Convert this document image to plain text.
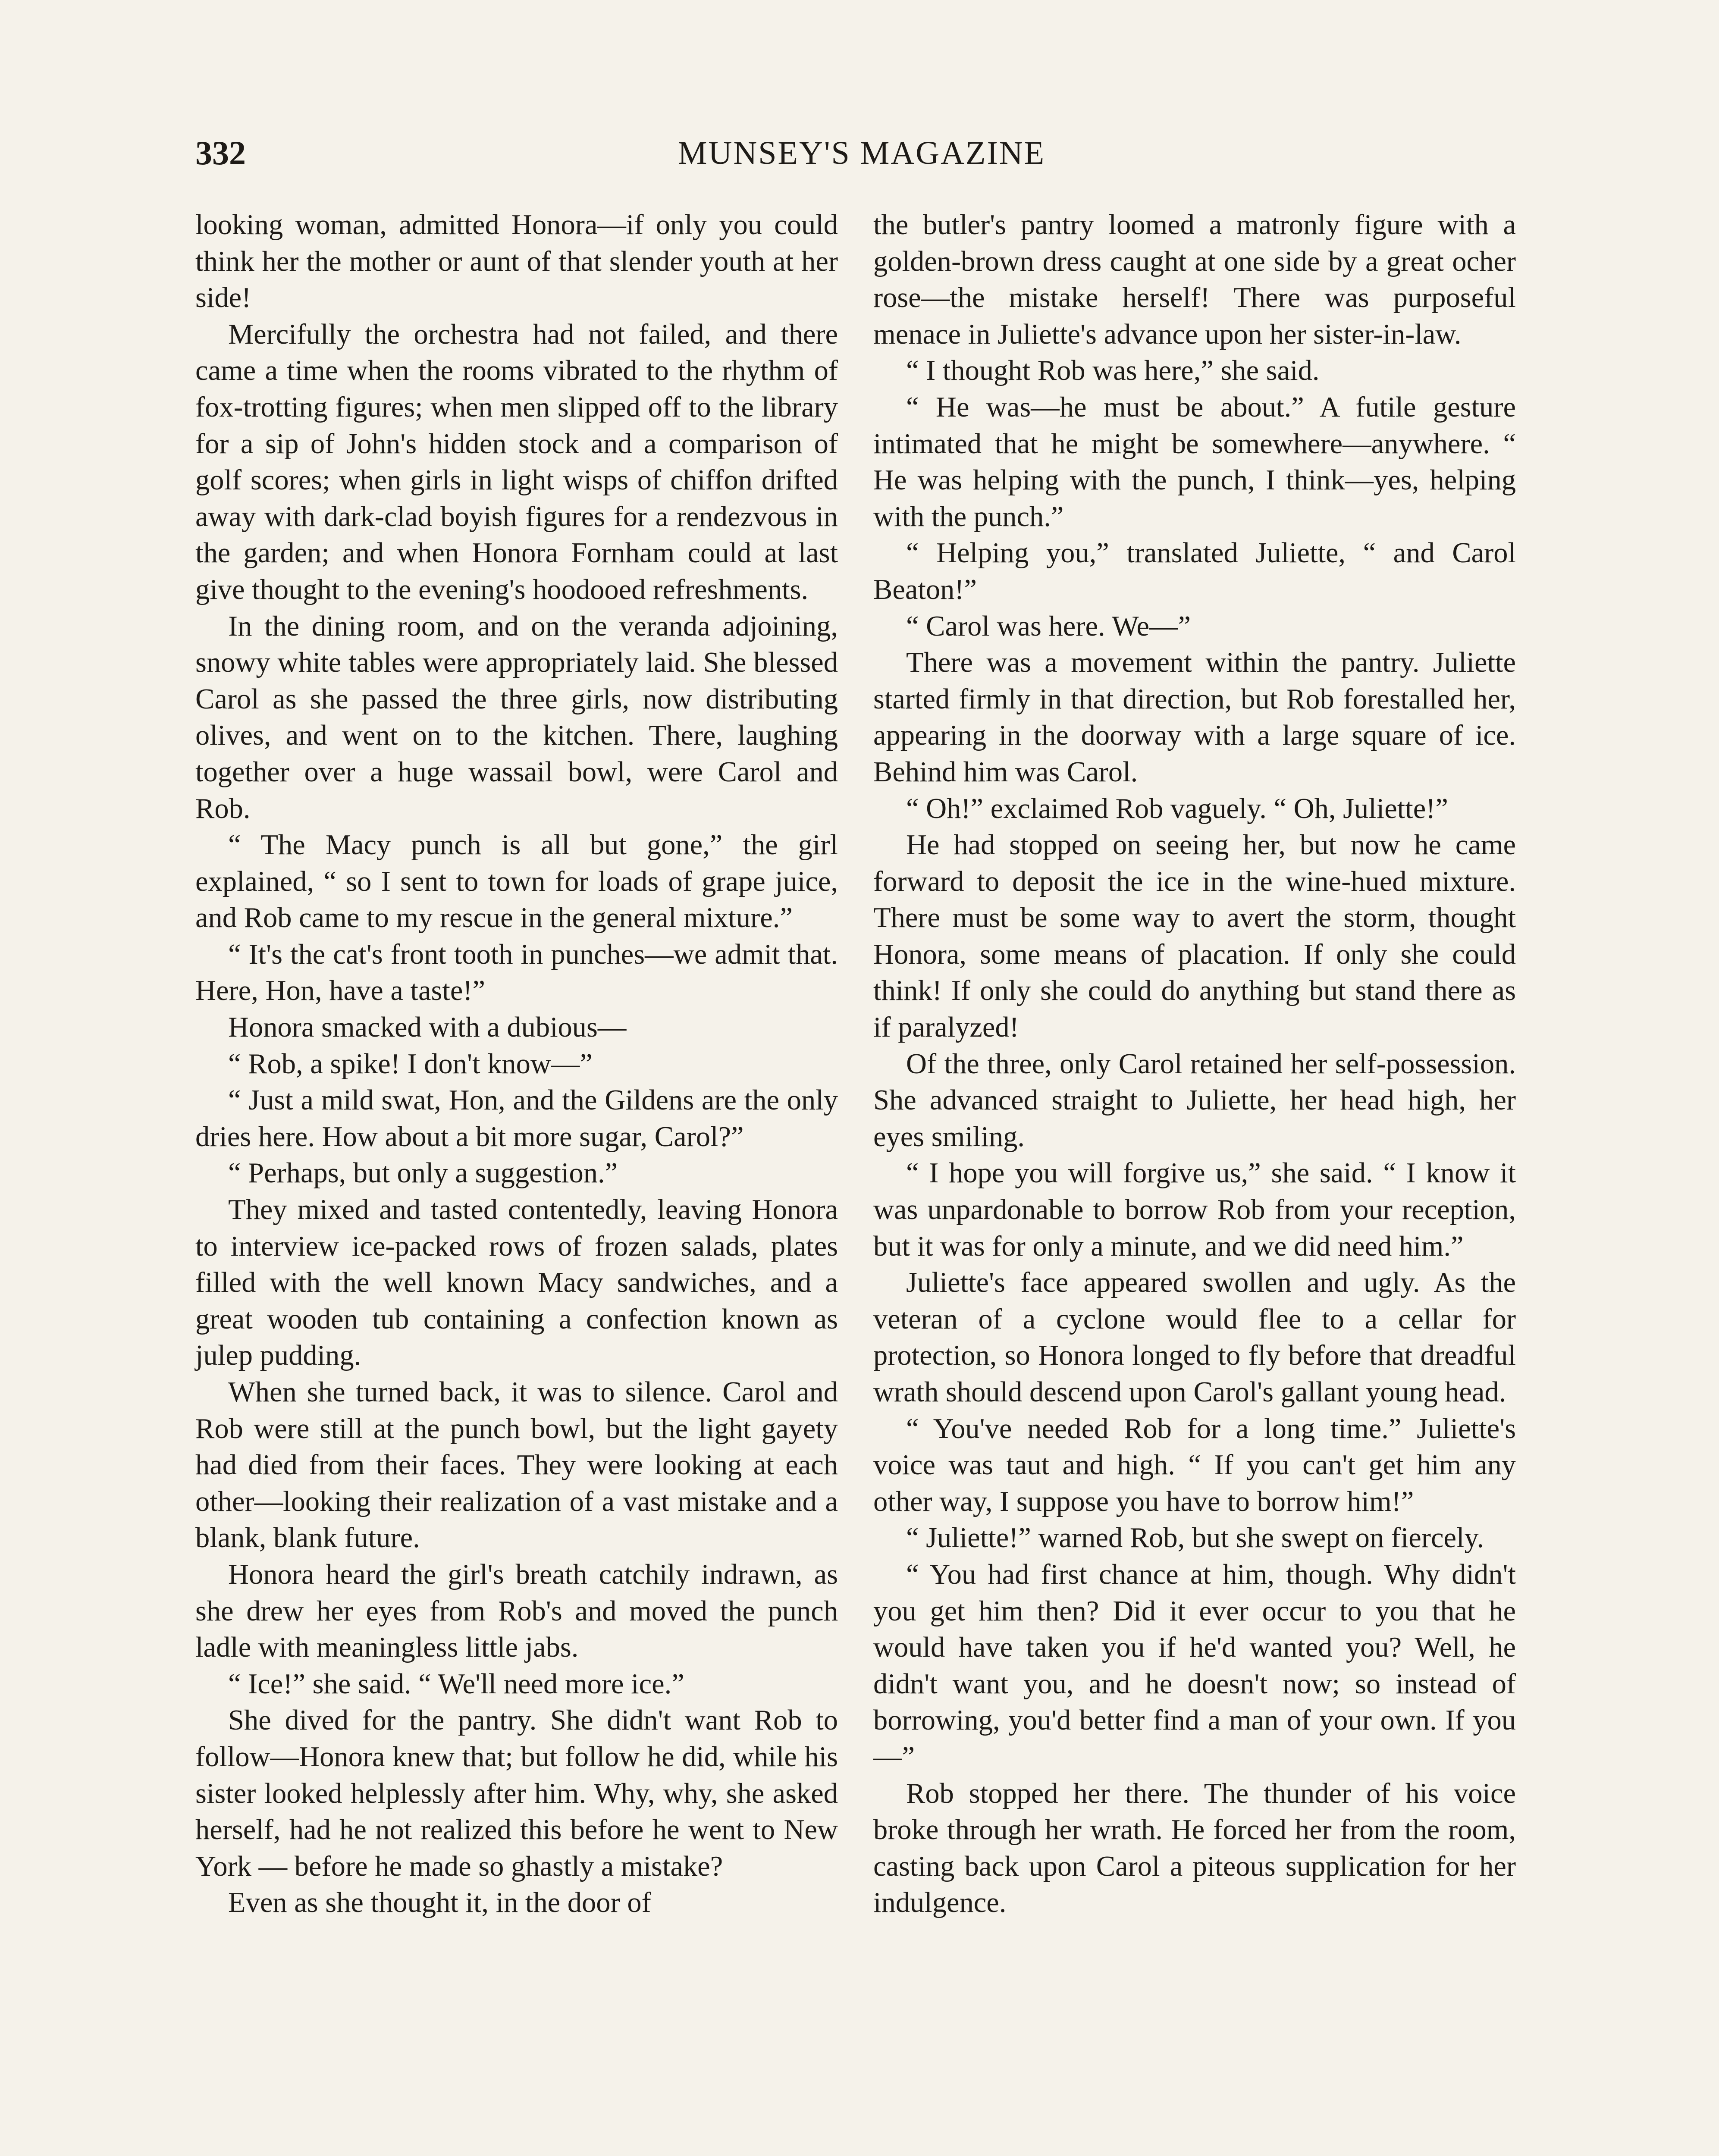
332	MUNSEY'S MAGAZINE

looking woman, admitted Honora—if only you could think her the mother or aunt of that slender youth at her side!

Mercifully the orchestra had not failed, and there came a time when the rooms vibrated to the rhythm of fox-trotting figures; when men slipped off to the library for a sip of John's hidden stock and a comparison of golf scores; when girls in light wisps of chiffon drifted away with dark-clad boyish figures for a rendezvous in the garden; and when Honora Fornham could at last give thought to the evening's hoodooed refreshments.

In the dining room, and on the veranda adjoining, snowy white tables were appropriately laid. She blessed Carol as she passed the three girls, now distributing olives, and went on to the kitchen. There, laughing together over a huge wassail bowl, were Carol and Rob.

“ The Macy punch is all but gone,” the girl explained, “ so I sent to town for loads of grape juice, and Rob came to my rescue in the general mixture.”

“ It's the cat's front tooth in punches—we admit that. Here, Hon, have a taste!”

Honora smacked with a dubious—

“ Rob, a spike! I don't know—”

“ Just a mild swat, Hon, and the Gildens are the only dries here. How about a bit more sugar, Carol?”

“ Perhaps, but only a suggestion.”

They mixed and tasted contentedly, leaving Honora to interview ice-packed rows of frozen salads, plates filled with the well known Macy sandwiches, and a great wooden tub containing a confection known as julep pudding.

When she turned back, it was to silence. Carol and Rob were still at the punch bowl, but the light gayety had died from their faces. They were looking at each other—looking their realization of a vast mistake and a blank, blank future.

Honora heard the girl's breath catchily indrawn, as she drew her eyes from Rob's and moved the punch ladle with meaningless little jabs.

“ Ice!” she said. “ We'll need more ice.”

She dived for the pantry. She didn't want Rob to follow—Honora knew that; but follow he did, while his sister looked helplessly after him. Why, why, she asked herself, had he not realized this before he went to New York — before he made so ghastly a mistake?

Even as she thought it, in the door of

the butler's pantry loomed a matronly figure with a golden-brown dress caught at one side by a great ocher rose—the mistake herself! There was purposeful menace in Juliette's advance upon her sister-in-law.

“ I thought Rob was here,” she said.

“ He was—he must be about.” A futile gesture intimated that he might be somewhere—anywhere. “ He was helping with the punch, I think—yes, helping with the punch.”

“ Helping you,” translated Juliette, “ and Carol Beaton!”

“ Carol was here. We—”

There was a movement within the pantry. Juliette started firmly in that direction, but Rob forestalled her, appearing in the doorway with a large square of ice. Behind him was Carol.

“ Oh!” exclaimed Rob vaguely. “ Oh, Juliette!”

He had stopped on seeing her, but now he came forward to deposit the ice in the wine-hued mixture. There must be some way to avert the storm, thought Honora, some means of placation. If only she could think! If only she could do anything but stand there as if paralyzed!

Of the three, only Carol retained her self-possession. She advanced straight to Juliette, her head high, her eyes smiling.

“ I hope you will forgive us,” she said. “ I know it was unpardonable to borrow Rob from your reception, but it was for only a minute, and we did need him.”

Juliette's face appeared swollen and ugly. As the veteran of a cyclone would flee to a cellar for protection, so Honora longed to fly before that dreadful wrath should descend upon Carol's gallant young head.

“ You've needed Rob for a long time.” Juliette's voice was taut and high. “ If you can't get him any other way, I suppose you have to borrow him!”

“ Juliette!” warned Rob, but she swept on fiercely.

“ You had first chance at him, though. Why didn't you get him then? Did it ever occur to you that he would have taken you if he'd wanted you? Well, he didn't want you, and he doesn't now; so instead of borrowing, you'd better find a man of your own. If you—”

Rob stopped her there. The thunder of his voice broke through her wrath. He forced her from the room, casting back upon Carol a piteous supplication for her indulgence.
